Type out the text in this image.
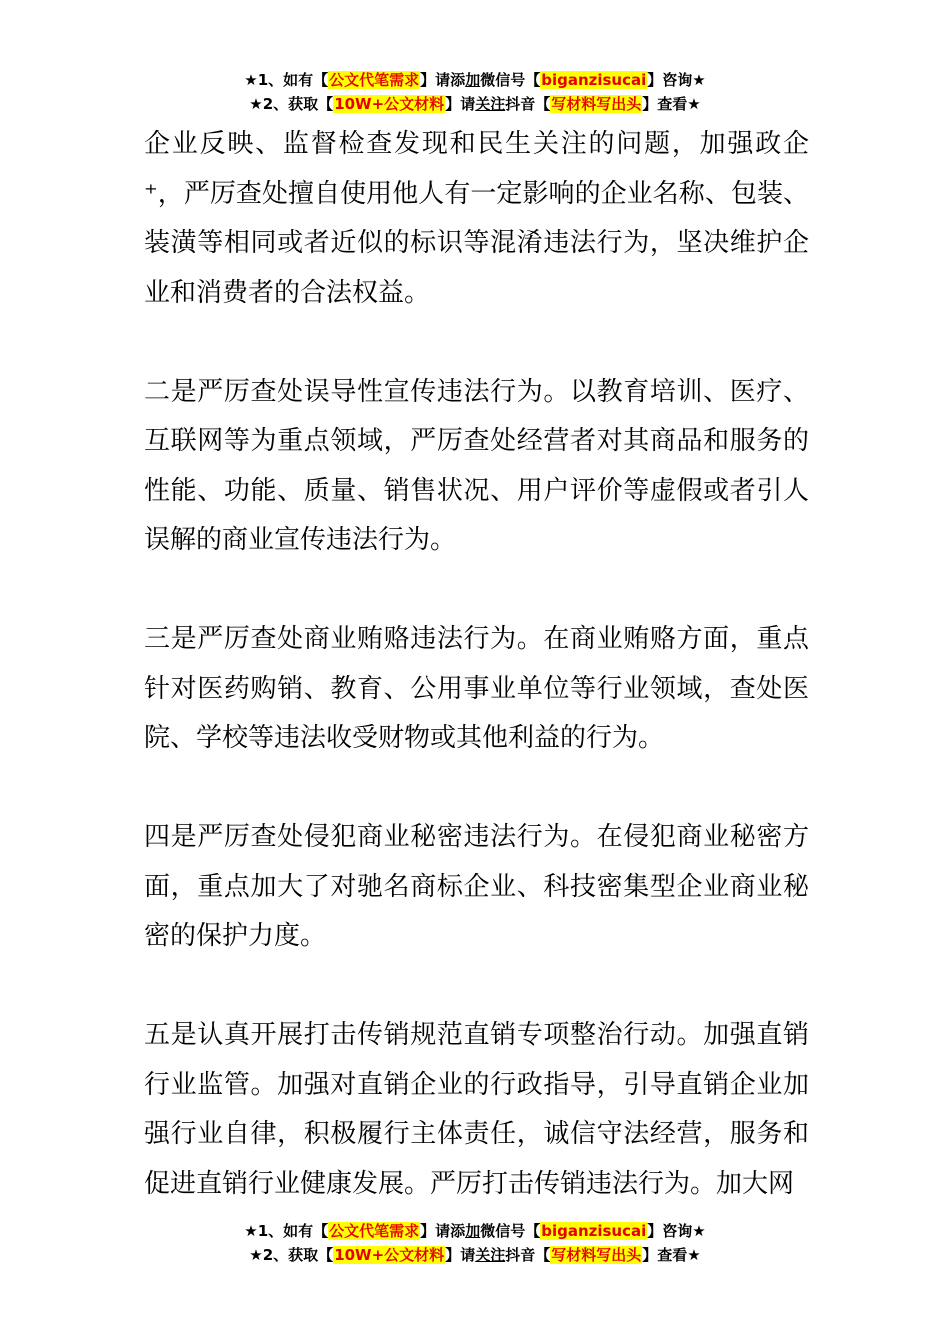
★1、如有【公文代笔需求】请添加微信号【biganzisucai】咨询★
★2、获取【10W+公文材料】请关注抖音【写材料写出头】查看★

企业反映、监督检查发现和民生关注的问题，加强政企 ⁺，严厉查处擅自使用他人有一定影响的企业名称、包装、装潢等相同或者近似的标识等混淆违法行为，坚决维护企业和消费者的合法权益。

二是严厉查处误导性宣传违法行为。以教育培训、医疗、互联网等为重点领域，严厉查处经营者对其商品和服务的性能、功能、质量、销售状况、用户评价等虚假或者引人误解的商业宣传违法行为。

三是严厉查处商业贿赂违法行为。在商业贿赂方面，重点针对医药购销、教育、公用事业单位等行业领域，查处医院、学校等违法收受财物或其他利益的行为。

四是严厉查处侵犯商业秘密违法行为。在侵犯商业秘密方面，重点加大了对驰名商标企业、科技密集型企业商业秘密的保护力度。

五是认真开展打击传销规范直销专项整治行动。加强直销行业监管。加强对直销企业的行政指导，引导直销企业加强行业自律，积极履行主体责任，诚信守法经营，服务和促进直销行业健康发展。严厉打击传销违法行为。加大网

★1、如有【公文代笔需求】请添加微信号【biganzisucai】咨询★
★2、获取【10W+公文材料】请关注抖音【写材料写出头】查看★
